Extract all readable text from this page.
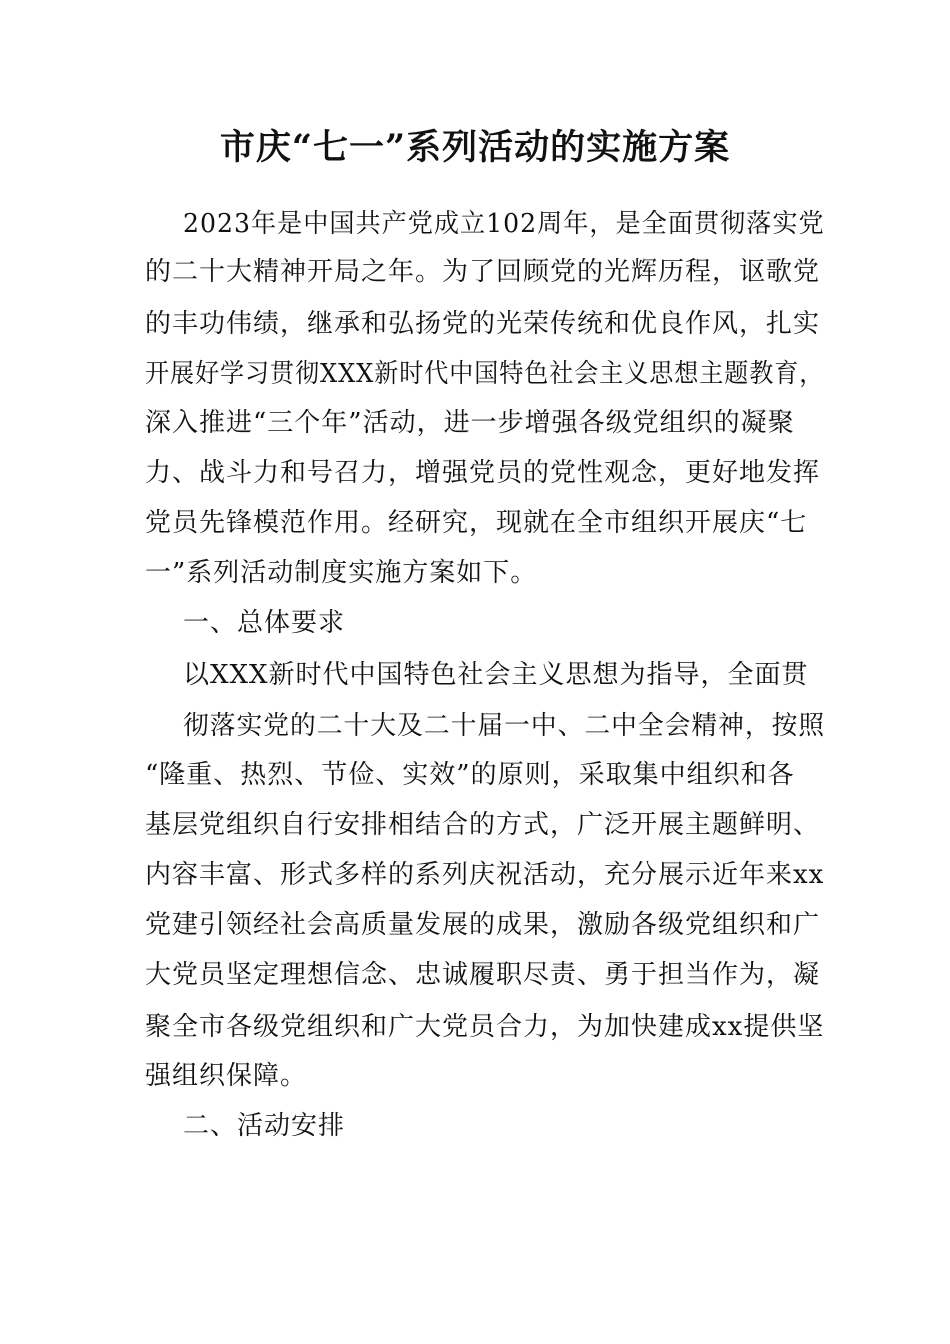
市庆“七一”系列活动的实施方案
2023年是中国共产党成立102周年，是全面贯彻落实党
的二十大精神开局之年。为了回顾党的光辉历程，讴歌党
的丰功伟绩，继承和弘扬党的光荣传统和优良作风，扎实
开展好学习贯彻XXX新时代中国特色社会主义思想主题教育，
深入推进“三个年”活动，进一步增强各级党组织的凝聚
力、战斗力和号召力，增强党员的党性观念，更好地发挥
党员先锋模范作用。经研究，现就在全市组织开展庆“七
一”系列活动制度实施方案如下。
一、总体要求
以XXX新时代中国特色社会主义思想为指导，全面贯
彻落实党的二十大及二十届一中、二中全会精神，按照
“隆重、热烈、节俭、实效”的原则，采取集中组织和各
基层党组织自行安排相结合的方式，广泛开展主题鲜明、
内容丰富、形式多样的系列庆祝活动，充分展示近年来xx
党建引领经社会高质量发展的成果，激励各级党组织和广
大党员坚定理想信念、忠诚履职尽责、勇于担当作为，凝
聚全市各级党组织和广大党员合力，为加快建成xx提供坚
强组织保障。
二、活动安排
